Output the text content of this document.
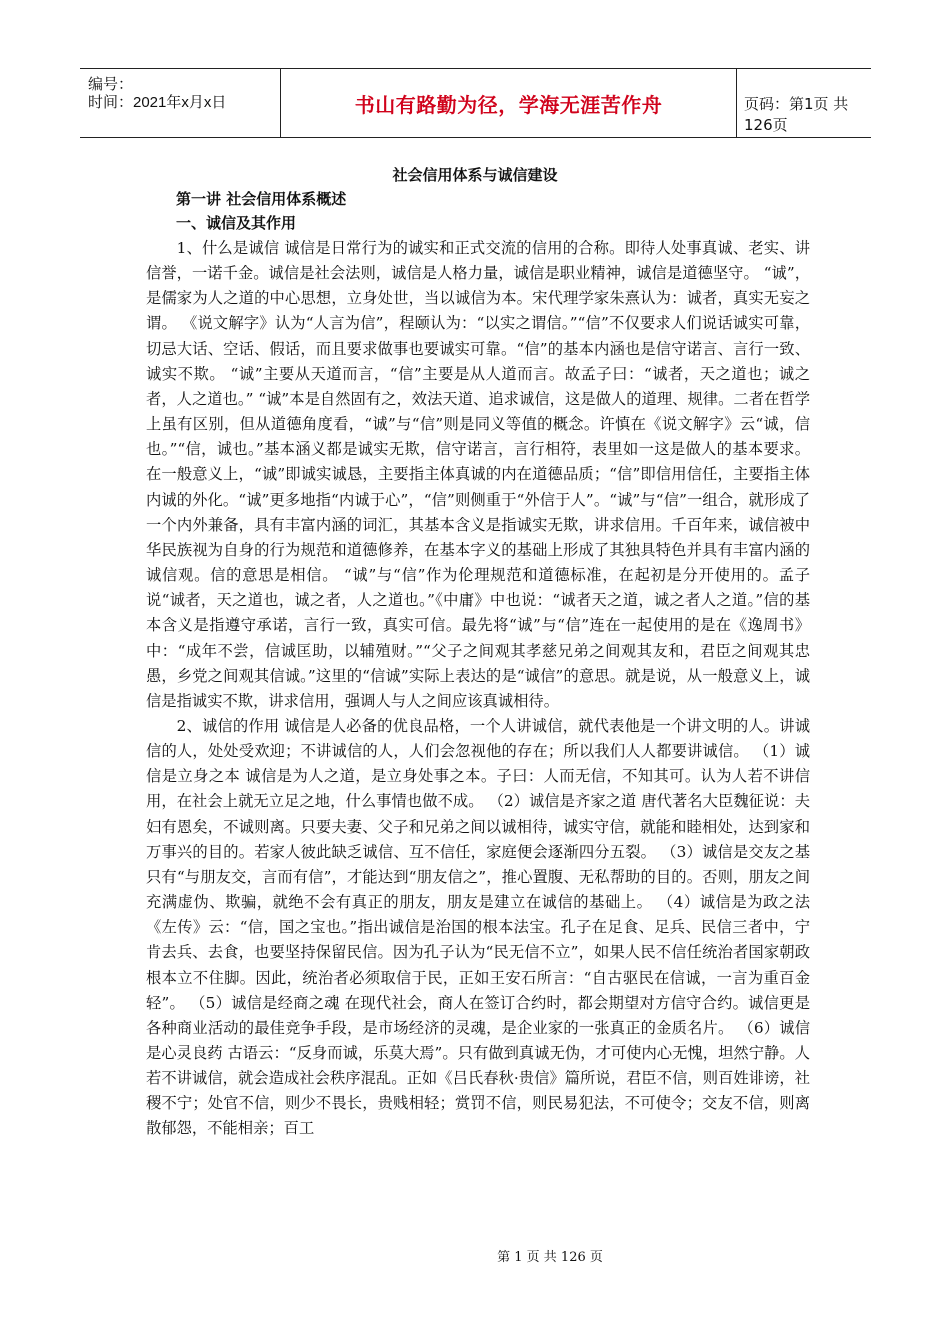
编号：
时间：2021年x月x日	书山有路勤为径，学海无涯苦作舟	页码：第1页 共126页
社会信用体系与诚信建设
第一讲 社会信用体系概述
一、诚信及其作用

1、什么是诚信 诚信是日常行为的诚实和正式交流的信用的合称。即待人处事真诚、老实、讲信誉，一诺千金。诚信是社会法则，诚信是人格力量，诚信是职业精神，诚信是道德坚守。 “诚”，是儒家为人之道的中心思想，立身处世，当以诚信为本。宋代理学家朱熹认为：诚者，真实无妄之谓。 《说文解字》认为“人言为信”，程颐认为：“以实之谓信。”“信”不仅要求人们说话诚实可靠，切忌大话、空话、假话，而且要求做事也要诚实可靠。“信”的基本内涵也是信守诺言、言行一致、诚实不欺。 “诚”主要从天道而言，“信”主要是从人道而言。故孟子曰：“诚者，天之道也；诚之者，人之道也。” “诚”本是自然固有之，效法天道、追求诚信，这是做人的道理、规律。二者在哲学上虽有区别，但从道德角度看，“诚”与“信”则是同义等值的概念。许慎在《说文解字》云“诚，信也。”“信，诚也。”基本涵义都是诚实无欺，信守诺言，言行相符，表里如一这是做人的基本要求。 在一般意义上，“诚”即诚实诚恳，主要指主体真诚的内在道德品质；“信”即信用信任，主要指主体内诚的外化。“诚”更多地指“内诚于心”，“信”则侧重于“外信于人”。“诚”与“信”一组合，就形成了一个内外兼备，具有丰富内涵的词汇，其基本含义是指诚实无欺，讲求信用。千百年来，诚信被中华民族视为自身的行为规范和道德修养，在基本字义的基础上形成了其独具特色并具有丰富内涵的诚信观。信的意思是相信。 “诚”与“信”作为伦理规范和道德标准，在起初是分开使用的。孟子说“诚者，天之道也，诚之者，人之道也。”《中庸》中也说：“诚者天之道，诚之者人之道。”信的基本含义是指遵守承诺，言行一致，真实可信。最先将“诚”与“信”连在一起使用的是在《逸周书》中：“成年不尝，信诚匡助，以辅殖财。”“父子之间观其孝慈兄弟之间观其友和，君臣之间观其忠愚，乡党之间观其信诚。”这里的“信诚”实际上表达的是“诚信”的意思。就是说，从一般意义上，诚信是指诚实不欺，讲求信用，强调人与人之间应该真诚相待。

2、诚信的作用 诚信是人必备的优良品格，一个人讲诚信，就代表他是一个讲文明的人。讲诚信的人，处处受欢迎；不讲诚信的人，人们会忽视他的存在；所以我们人人都要讲诚信。 （1）诚信是立身之本 诚信是为人之道，是立身处事之本。子曰：人而无信，不知其可。认为人若不讲信用，在社会上就无立足之地，什么事情也做不成。 （2）诚信是齐家之道 唐代著名大臣魏征说：夫妇有恩矣，不诚则离。只要夫妻、父子和兄弟之间以诚相待，诚实守信，就能和睦相处，达到家和万事兴的目的。若家人彼此缺乏诚信、互不信任，家庭便会逐渐四分五裂。 （3）诚信是交友之基 只有“与朋友交，言而有信”，才能达到“朋友信之”，推心置腹、无私帮助的目的。否则，朋友之间充满虚伪、欺骗，就绝不会有真正的朋友，朋友是建立在诚信的基础上。 （4）诚信是为政之法 《左传》云：“信，国之宝也。”指出诚信是治国的根本法宝。孔子在足食、足兵、民信三者中，宁肯去兵、去食，也要坚持保留民信。因为孔子认为“民无信不立”，如果人民不信任统治者国家朝政根本立不住脚。因此，统治者必须取信于民，正如王安石所言：“自古驱民在信诚，一言为重百金轻”。 （5）诚信是经商之魂 在现代社会，商人在签订合约时，都会期望对方信守合约。诚信更是各种商业活动的最佳竞争手段，是市场经济的灵魂，是企业家的一张真正的金质名片。 （6）诚信是心灵良药 古语云：“反身而诚，乐莫大焉”。只有做到真诚无伪，才可使内心无愧，坦然宁静。人若不讲诚信，就会造成社会秩序混乱。正如《吕氏春秋·贵信》篇所说，君臣不信，则百姓诽谤，社稷不宁；处官不信，则少不畏长，贵贱相轻；赏罚不信，则民易犯法，不可使令；交友不信，则离散郁怨，不能相亲；百工

第 1 页 共 126 页
